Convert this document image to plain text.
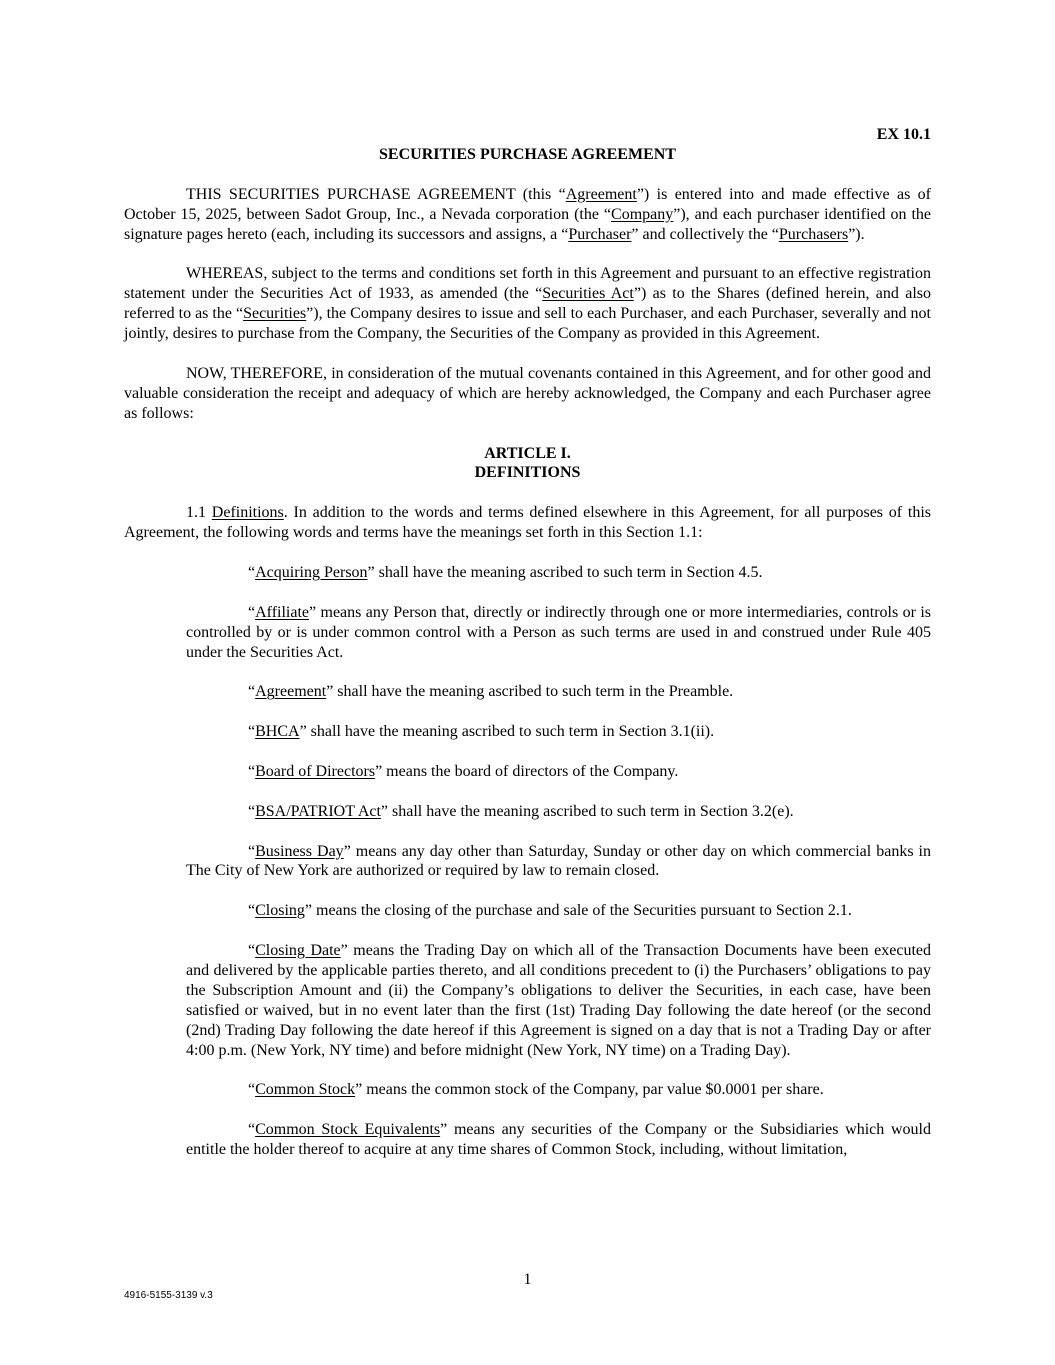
EX 10.1

SECURITIES PURCHASE AGREEMENT

THIS SECURITIES PURCHASE AGREEMENT (this “Agreement”) is entered into and made effective as of October 15, 2025, between Sadot Group, Inc., a Nevada corporation (the “Company”), and each purchaser identified on the signature pages hereto (each, including its successors and assigns, a “Purchaser” and collectively the “Purchasers”).

WHEREAS, subject to the terms and conditions set forth in this Agreement and pursuant to an effective registration statement under the Securities Act of 1933, as amended (the “Securities Act”) as to the Shares (defined herein, and also referred to as the “Securities”), the Company desires to issue and sell to each Purchaser, and each Purchaser, severally and not jointly, desires to purchase from the Company, the Securities of the Company as provided in this Agreement.

NOW, THEREFORE, in consideration of the mutual covenants contained in this Agreement, and for other good and valuable consideration the receipt and adequacy of which are hereby acknowledged, the Company and each Purchaser agree as follows:

ARTICLE I.

DEFINITIONS

1.1 Definitions. In addition to the words and terms defined elsewhere in this Agreement, for all purposes of this Agreement, the following words and terms have the meanings set forth in this Section 1.1:

“Acquiring Person” shall have the meaning ascribed to such term in Section 4.5.

“Affiliate” means any Person that, directly or indirectly through one or more intermediaries, controls or is controlled by or is under common control with a Person as such terms are used in and construed under Rule 405 under the Securities Act.

“Agreement” shall have the meaning ascribed to such term in the Preamble.

“BHCA” shall have the meaning ascribed to such term in Section 3.1(ii).

“Board of Directors” means the board of directors of the Company.

“BSA/PATRIOT Act” shall have the meaning ascribed to such term in Section 3.2(e).

“Business Day” means any day other than Saturday, Sunday or other day on which commercial banks in The City of New York are authorized or required by law to remain closed.

“Closing” means the closing of the purchase and sale of the Securities pursuant to Section 2.1.

“Closing Date” means the Trading Day on which all of the Transaction Documents have been executed and delivered by the applicable parties thereto, and all conditions precedent to (i) the Purchasers’ obligations to pay the Subscription Amount and (ii) the Company’s obligations to deliver the Securities, in each case, have been satisfied or waived, but in no event later than the first (1st) Trading Day following the date hereof (or the second (2nd) Trading Day following the date hereof if this Agreement is signed on a day that is not a Trading Day or after 4:00 p.m. (New York, NY time) and before midnight (New York, NY time) on a Trading Day).

“Common Stock” means the common stock of the Company, par value $0.0001 per share.

“Common Stock Equivalents” means any securities of the Company or the Subsidiaries which would entitle the holder thereof to acquire at any time shares of Common Stock, including, without limitation,

1
4916-5155-3139 v.3
